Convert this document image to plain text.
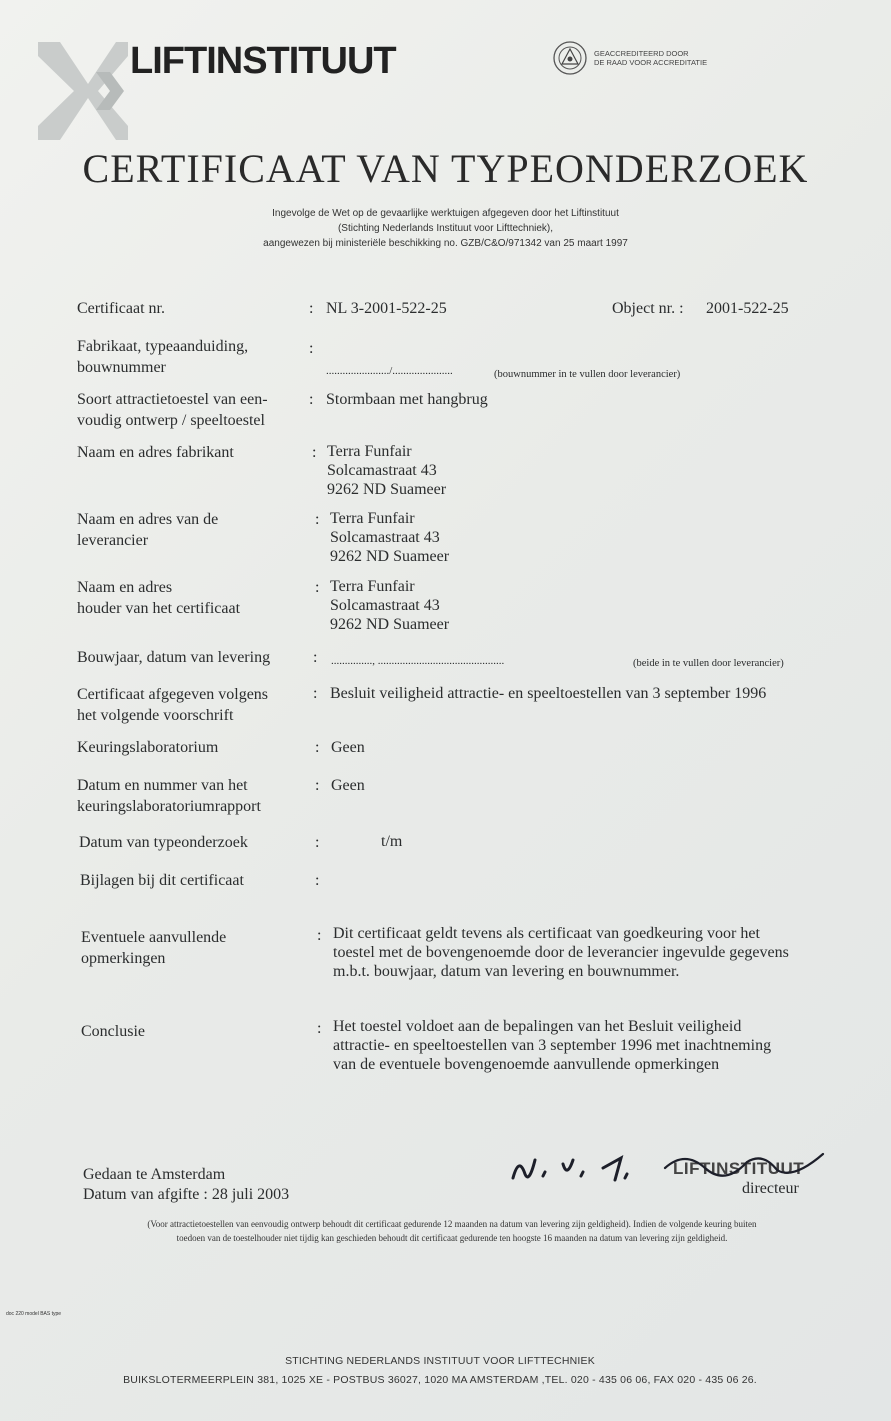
LIFTINSTITUUT	GEACCREDITEERD DOOR
DE RAAD VOOR ACCREDITATIE
CERTIFICAAT VAN TYPEONDERZOEK
Ingevolge de Wet op de gevaarlijke werktuigen afgegeven door het Liftinstituut
(Stichting Nederlands Instituut voor Lifttechniek),
aangewezen bij ministeriële beschikking no. GZB/C&O/971342 van 25 maart 1997
Certificaat nr.	: NL 3-2001-522-25	Object nr. : 2001-522-25
Fabrikaat, typeaanduiding,
bouwnummer
:
......................./......................	(bouwnummer in te vullen door leverancier)
Soort attractietoestel van een-
voudig ontwerp / speeltoestel
: Stormbaan met hangbrug
Naam en adres fabrikant	: Terra Funfair
Solcamastraat 43
9262 ND Suameer
Naam en adres van de
leverancier
: Terra Funfair
Solcamastraat 43
9262 ND Suameer
Naam en adres
houder van het certificaat
: Terra Funfair
Solcamastraat 43
9262 ND Suameer
Bouwjaar, datum van levering	: ..............., ..............................................	(beide in te vullen door leverancier)
Certificaat afgegeven volgens
het volgende voorschrift
: Besluit veiligheid attractie- en speeltoestellen van 3 september 1996
Keuringslaboratorium	: Geen
Datum en nummer van het
keuringslaboratoriumrapport
: Geen
Datum van typeonderzoek	:	t/m
Bijlagen bij dit certificaat	:
Eventuele aanvullende
opmerkingen
: Dit certificaat geldt tevens als certificaat van goedkeuring voor het
toestel met de bovengenoemde door de leverancier ingevulde gegevens
m.b.t. bouwjaar, datum van levering en bouwnummer.
Conclusie	: Het toestel voldoet aan de bepalingen van het Besluit veiligheid
attractie- en speeltoestellen van 3 september 1996 met inachtneming
van de eventuele bovengenoemde aanvullende opmerkingen
Gedaan te Amsterdam
Datum van afgifte : 28 juli 2003
LIFTINSTITUUT
directeur
(Voor attractietoestellen van eenvoudig ontwerp behoudt dit certificaat gedurende 12 maanden na datum van levering zijn geldigheid). Indien de volgende keuring buiten
toedoen van de toestelhouder niet tijdig kan geschieden behoudt dit certificaat gedurende ten hoogste 16 maanden na datum van levering zijn geldigheid.
doc 220 model BAS type
STICHTING NEDERLANDS INSTITUUT VOOR LIFTTECHNIEK
BUIKSLOTERMEERPLEIN 381, 1025 XE - POSTBUS 36027, 1020 MA AMSTERDAM ,TEL. 020 - 435 06 06, FAX 020 - 435 06 26.
